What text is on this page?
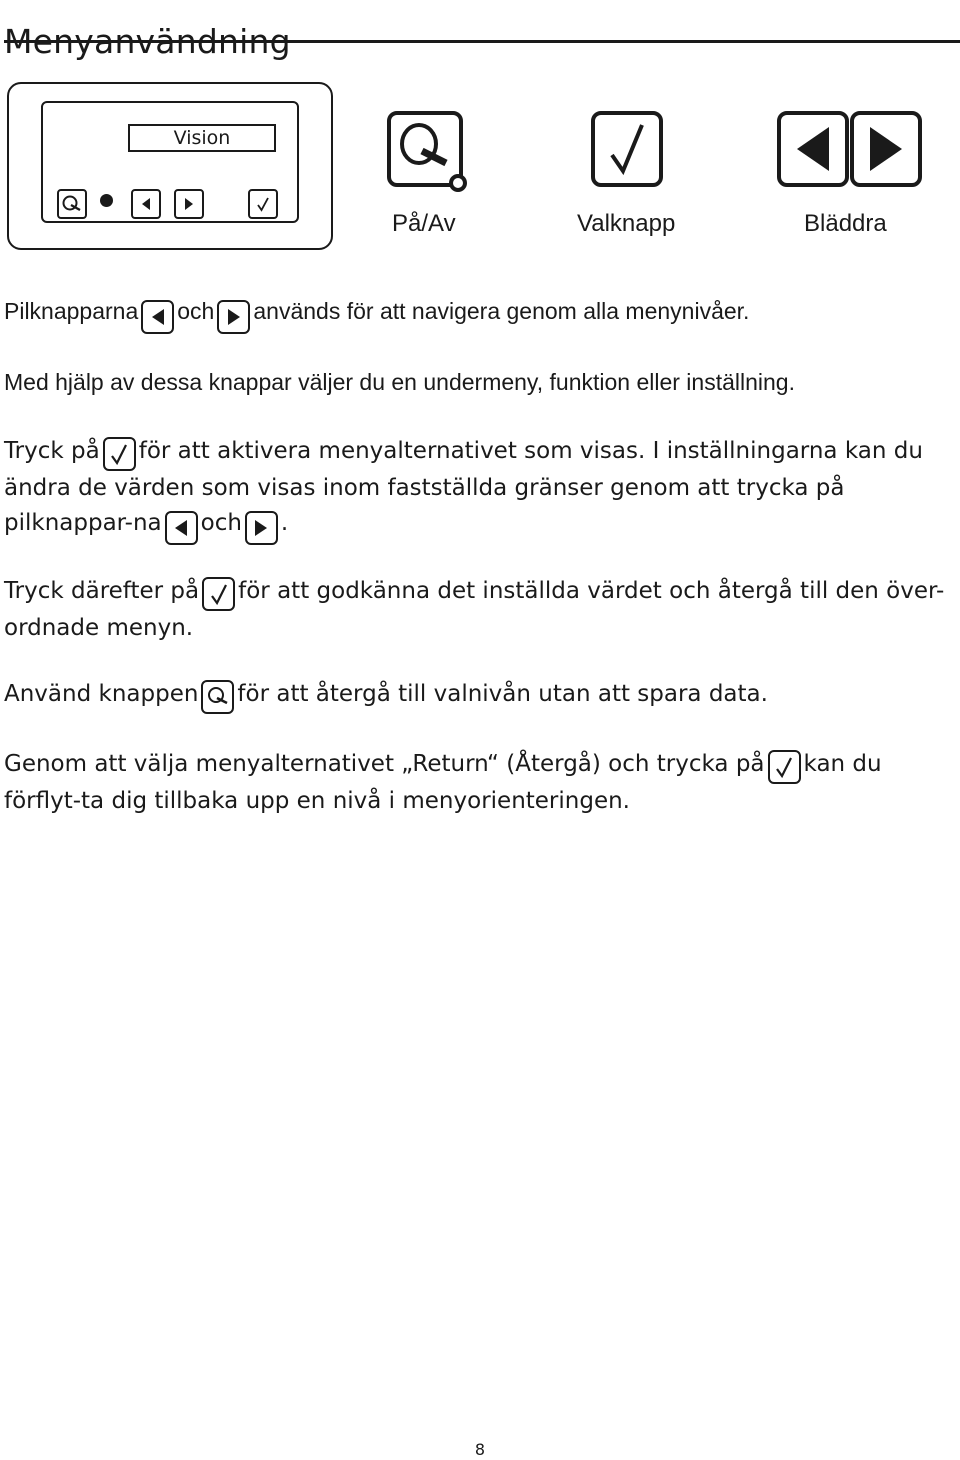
Menyanvändning
Vision
På/Av	Valknapp	Bläddra

Pilknapparna och används för att navigera genom alla menynivåer.

Med hjälp av dessa knappar väljer du en undermeny, funktion eller inställning.

Tryck på för att aktivera menyalternativet som visas. I inställningarna kan du ändra de värden som visas inom fastställda gränser genom att trycka på pilknappar-na och .

Tryck därefter på för att godkänna det inställda värdet och återgå till den över-ordnade menyn.

Använd knappen för att återgå till valnivån utan att spara data.

Genom att välja menyalternativet „Return“ (Återgå) och trycka på kan du förflyt-ta dig tillbaka upp en nivå i menyorienteringen.

8
